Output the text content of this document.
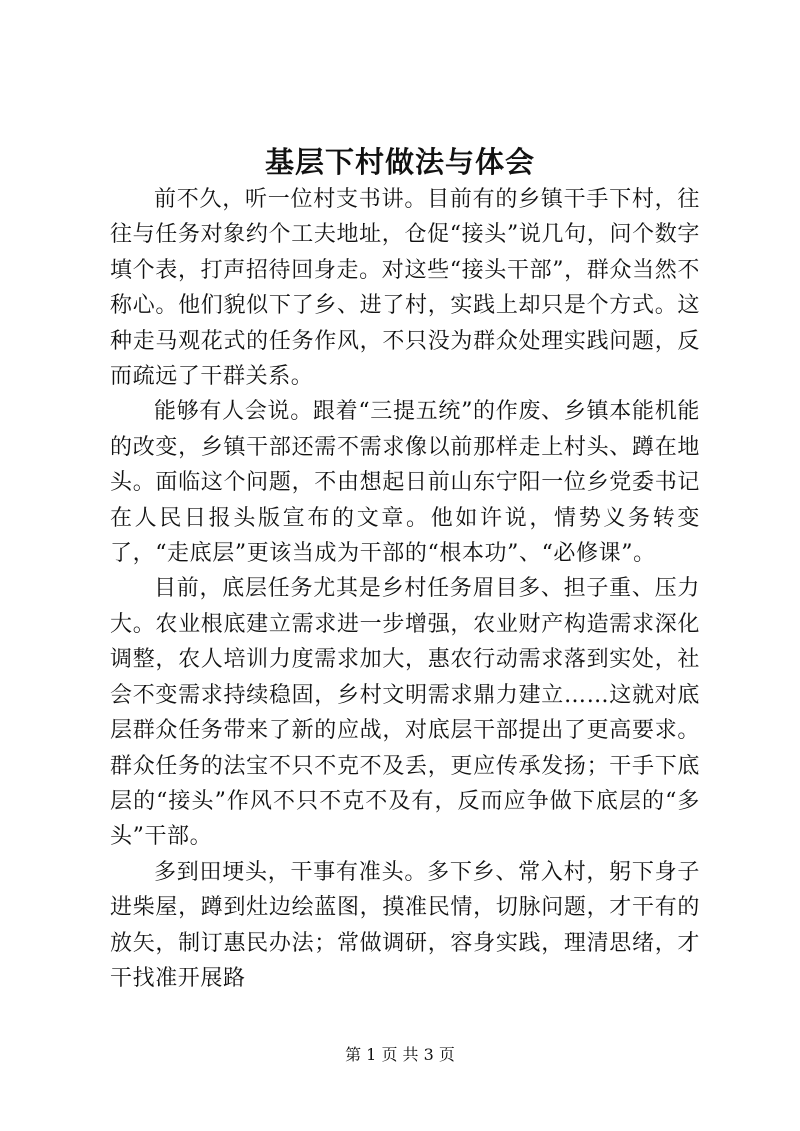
基层下村做法与体会

前不久，听一位村支书讲。目前有的乡镇干手下村，往往与任务对象约个工夫地址，仓促“接头”说几句，问个数字填个表，打声招待回身走。对这些“接头干部”，群众当然不称心。他们貌似下了乡、进了村，实践上却只是个方式。这种走马观花式的任务作风，不只没为群众处理实践问题，反而疏远了干群关系。

能够有人会说。跟着“三提五统”的作废、乡镇本能机能的改变，乡镇干部还需不需求像以前那样走上村头、蹲在地头。面临这个问题，不由想起日前山东宁阳一位乡党委书记在人民日报头版宣布的文章。他如许说，情势义务转变了，“走底层”更该当成为干部的“根本功”、“必修课”。

目前，底层任务尤其是乡村任务眉目多、担子重、压力大。农业根底建立需求进一步增强，农业财产构造需求深化调整，农人培训力度需求加大，惠农行动需求落到实处，社会不变需求持续稳固，乡村文明需求鼎力建立……这就对底层群众任务带来了新的应战，对底层干部提出了更高要求。群众任务的法宝不只不克不及丢，更应传承发扬；干手下底层的“接头”作风不只不克不及有，反而应争做下底层的“多头”干部。

多到田埂头，干事有准头。多下乡、常入村，躬下身子进柴屋，蹲到灶边绘蓝图，摸准民情，切脉问题，才干有的放矢，制订惠民办法；常做调研，容身实践，理清思绪，才干找准开展路

第 1 页 共 3 页
